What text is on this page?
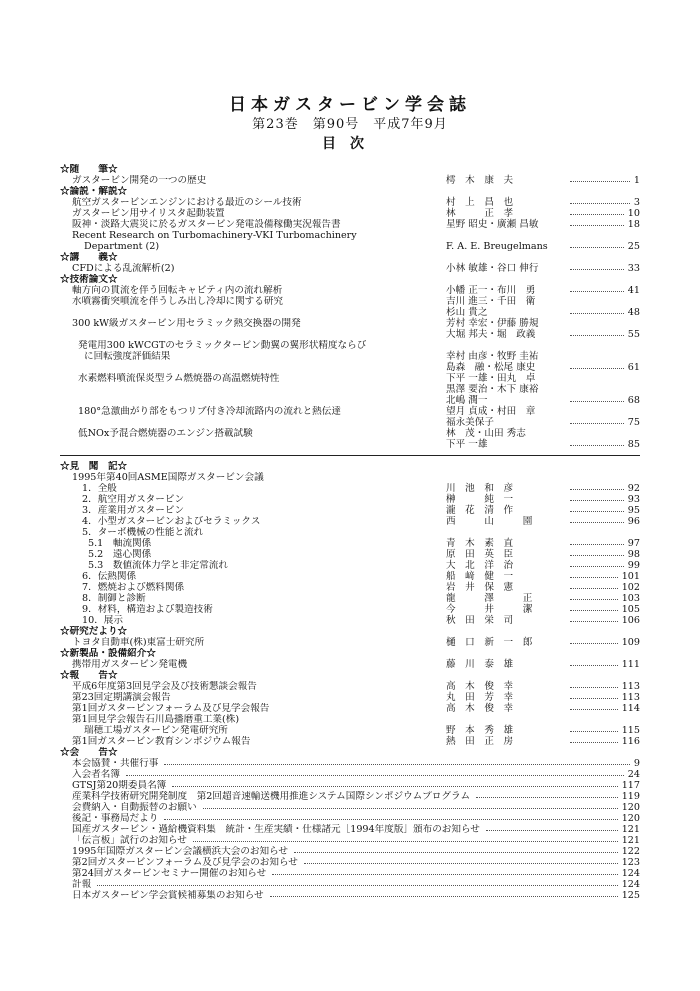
日本ガスタービン学会誌
第23巻　第90号　平成7年9月
目次
☆随　　筆☆
ガスタービン開発の一つの歴史	樗　木　康　夫	1
☆論説・解説☆
航空ガスタービンエンジンにおける最近のシール技術	村　上　昌　也	3
ガスタービン用サイリスタ起動装置	林　　　正　孝	10
阪神・淡路大震災に於るガスタービン発電設備稼働実況報告書	星野 昭史・廣瀬 昌敏	18
Recent Research on Turbomachinery-VKI Turbomachinery
Department (2)	F. A. E. Breugelmans	25
☆講　　義☆
CFDによる乱流解析(2)	小林 敏雄・谷口 伸行	33
☆技術論文☆
軸方向の貫流を伴う回転キャビティ内の流れ解析	小幡 正一・布川　勇	41
水噴霧衝突噴流を伴うしみ出し冷却に関する研究	吉川 進三・千田　衛
杉山 貴之	48
300 kW級ガスタービン用セラミック熱交換器の開発	芳村 幸宏・伊藤 勝規
大堀 邦夫・堀　政義	55
発電用300 kWCGTのセラミックタービン動翼の翼形状精度ならび
に回転強度評価結果	幸村 由彦・牧野 圭祐
島森　融・松尾 康史	61
水素燃料噴流保炎型ラム燃焼器の高温燃焼特性	下平 一雄・田丸　卓
黒澤 要治・木下 康裕
北嶋 潤一	68
180°急激曲がり部をもつリブ付き冷却流路内の流れと熱伝達	望月 貞成・村田　章
福永美保子	75
低NOx予混合燃焼器のエンジン搭載試験	林　茂・山田 秀志
下平 一雄	85
☆見　聞　記☆
1995年第40回ASME国際ガスタービン会議
1．全般	川　池　和　彦	92
2．航空用ガスタービン	榊　　　純　一	93
3．産業用ガスタービン	瀧　花　清　作	95
4．小型ガスタービンおよびセラミックス	西　　　山　　　園	96
5．ターボ機械の性能と流れ
5.1　軸流関係	青　木　素　直	97
5.2　遠心関係	原　田　英　臣	98
5.3　数値流体力学と非定常流れ	大　北　洋　治	99
6．伝熱関係	船　﨑　健　一	101
7．燃焼および燃料関係	岩　井　保　憲	102
8．制御と診断	龍　　　澤　　　正	103
9．材料，構造および製造技術	今　　　井　　　潔	105
10．展示	秋　田　栄　司	106
☆研究だより☆
トヨタ自動車(株)東富士研究所	樋　口　新　一　郎	109
☆新製品・設備紹介☆
携帯用ガスタービン発電機	藤　川　泰　雄	111
☆報　　告☆
平成6年度第3回見学会及び技術懇談会報告	高　木　俊　幸	113
第23回定期講演会報告	丸　田　芳　幸	113
第1回ガスタービンフォーラム及び見学会報告	高　木　俊　幸	114
第1回見学会報告石川島播磨重工業(株)
瑞穂工場ガスタービン発電研究所	野　本　秀　雄	115
第1回ガスタービン教育シンポジウム報告	熱　田　正　房	116
☆会　　告☆
本会協賛・共催行事	9
入会者名簿	24
GTSJ第20期委員名簿	117
産業科学技術研究開発制度　第2回超音速輸送機用推進システム国際シンポジウムプログラム	119
会費納入・自動振替のお願い	120
後記・事務局だより	120
国産ガスタービン・過給機資料集　統計・生産実績・仕様諸元［1994年度版］頒布のお知らせ	121
「伝言板」試行のお知らせ	121
1995年国際ガスタービン会議横浜大会のお知らせ	122
第2回ガスタービンフォーラム及び見学会のお知らせ	123
第24回ガスタービンセミナー開催のお知らせ	124
計報	124
日本ガスタービン学会賞候補募集のお知らせ	125
